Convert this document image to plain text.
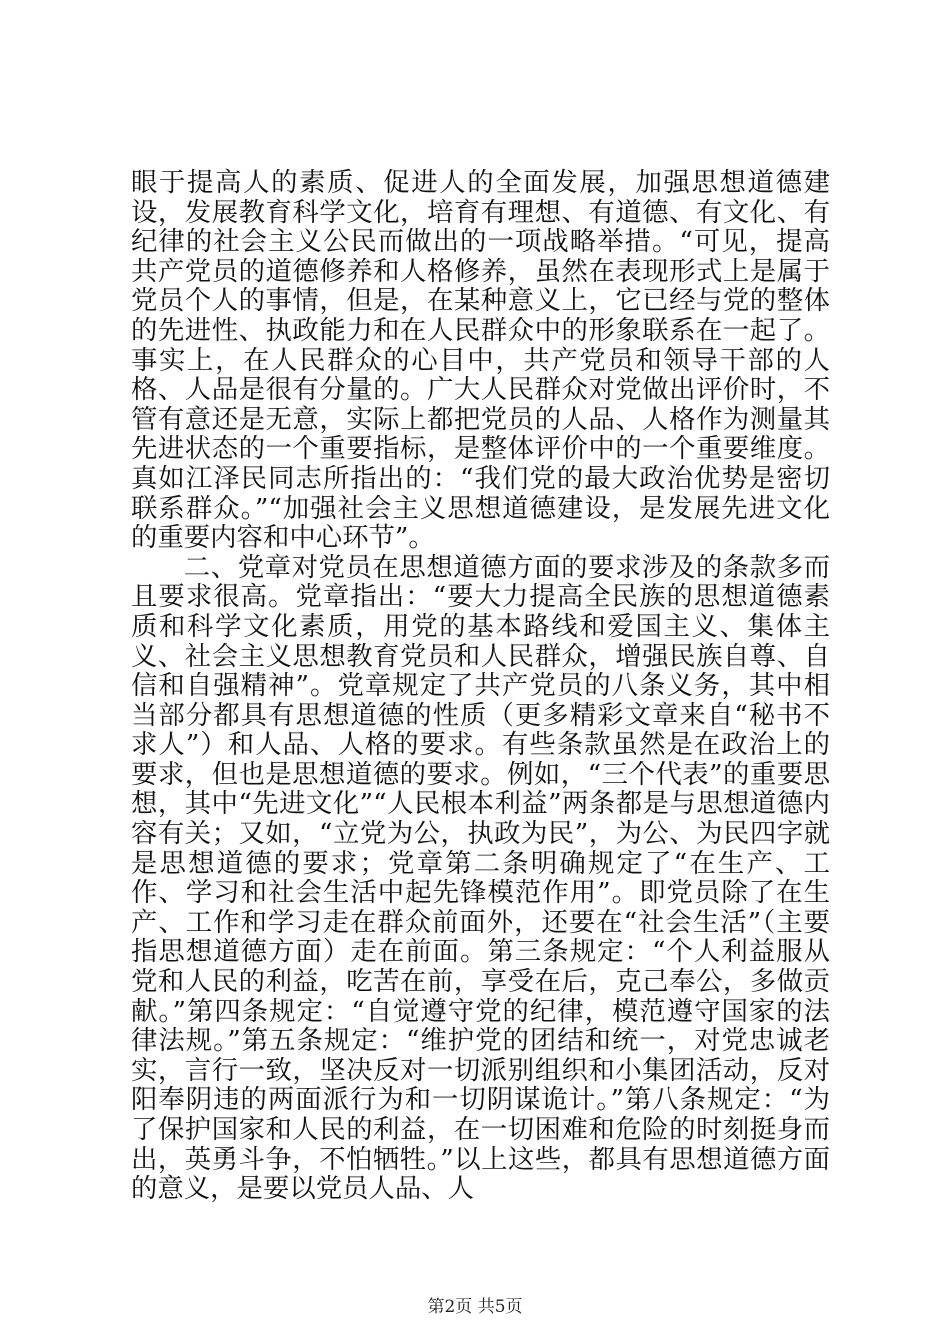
眼于提高人的素质、促进人的全面发展，加强思想道德建设，发展教育科学文化，培育有理想、有道德、有文化、有纪律的社会主义公民而做出的一项战略举措。“可见，提高共产党员的道德修养和人格修养，虽然在表现形式上是属于党员个人的事情，但是，在某种意义上，它已经与党的整体的先进性、执政能力和在人民群众中的形象联系在一起了。事实上，在人民群众的心目中，共产党员和领导干部的人格、人品是很有分量的。广大人民群众对党做出评价时，不管有意还是无意，实际上都把党员的人品、人格作为测量其先进状态的一个重要指标，是整体评价中的一个重要维度。真如江泽民同志所指出的：“我们党的最大政治优势是密切联系群众。”“加强社会主义思想道德建设，是发展先进文化的重要内容和中心环节”。

二、党章对党员在思想道德方面的要求涉及的条款多而且要求很高。党章指出：“要大力提高全民族的思想道德素质和科学文化素质，用党的基本路线和爱国主义、集体主义、社会主义思想教育党员和人民群众，增强民族自尊、自信和自强精神”。党章规定了共产党员的八条义务，其中相当部分都具有思想道德的性质（更多精彩文章来自“秘书不求人”）和人品、人格的要求。有些条款虽然是在政治上的要求，但也是思想道德的要求。例如，“三个代表”的重要思想，其中“先进文化”“人民根本利益”两条都是与思想道德内容有关；又如，“立党为公，执政为民”，为公、为民四字就是思想道德的要求；党章第二条明确规定了“在生产、工作、学习和社会生活中起先锋模范作用”。即党员除了在生产、工作和学习走在群众前面外，还要在“社会生活”（主要指思想道德方面）走在前面。第三条规定：“个人利益服从党和人民的利益，吃苦在前，享受在后，克己奉公，多做贡献。”第四条规定：“自觉遵守党的纪律，模范遵守国家的法律法规。”第五条规定：“维护党的团结和统一，对党忠诚老实，言行一致，坚决反对一切派别组织和小集团活动，反对阳奉阴违的两面派行为和一切阴谋诡计。”第八条规定：“为了保护国家和人民的利益，在一切困难和危险的时刻挺身而出，英勇斗争，不怕牺牲。”以上这些，都具有思想道德方面的意义，是要以党员人品、人

第2页 共5页
